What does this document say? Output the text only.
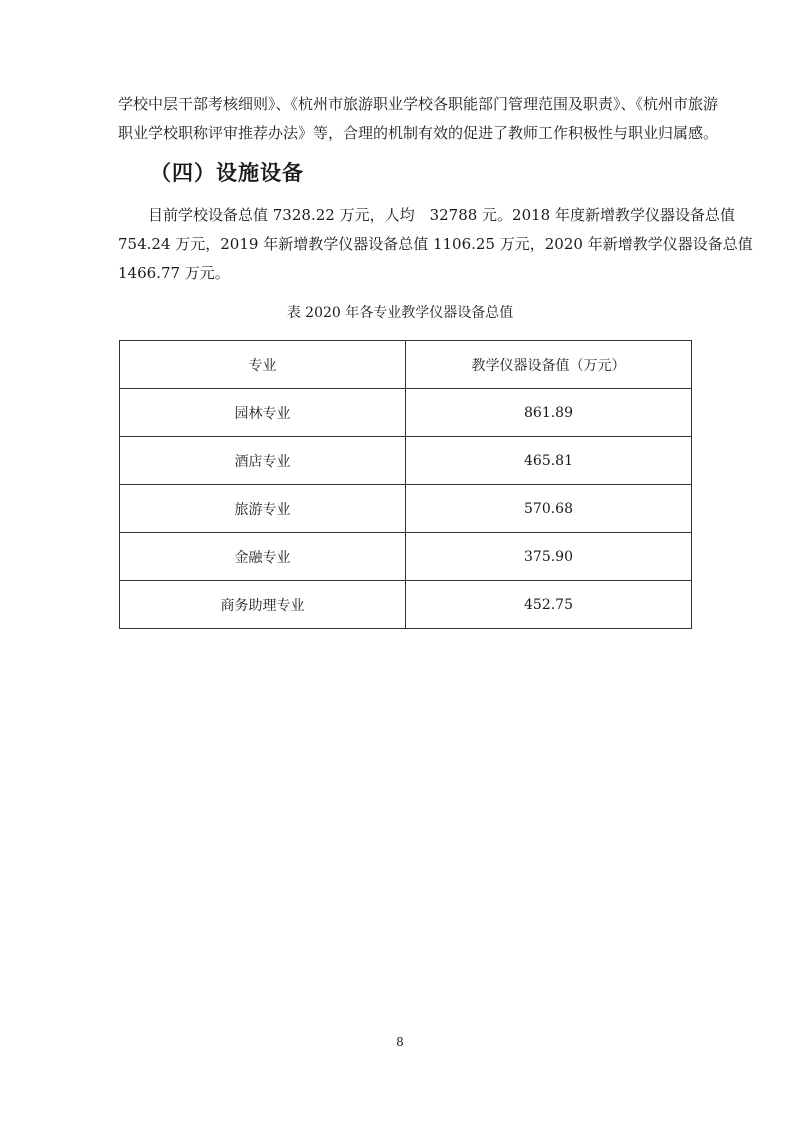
学校中层干部考核细则》、《杭州市旅游职业学校各职能部门管理范围及职责》、《杭州市旅游
职业学校职称评审推荐办法》等，合理的机制有效的促进了教师工作积极性与职业归属感。
（四）设施设备
目前学校设备总值 7328.22 万元，人均　32788 元。2018 年度新增教学仪器设备总值
754.24 万元，2019 年新增教学仪器设备总值 1106.25 万元，2020 年新增教学仪器设备总值
1466.77 万元。
表 2020 年各专业教学仪器设备总值
专业	教学仪器设备值（万元）
园林专业	861.89
酒店专业	465.81
旅游专业	570.68
金融专业	375.90
商务助理专业	452.75
8
